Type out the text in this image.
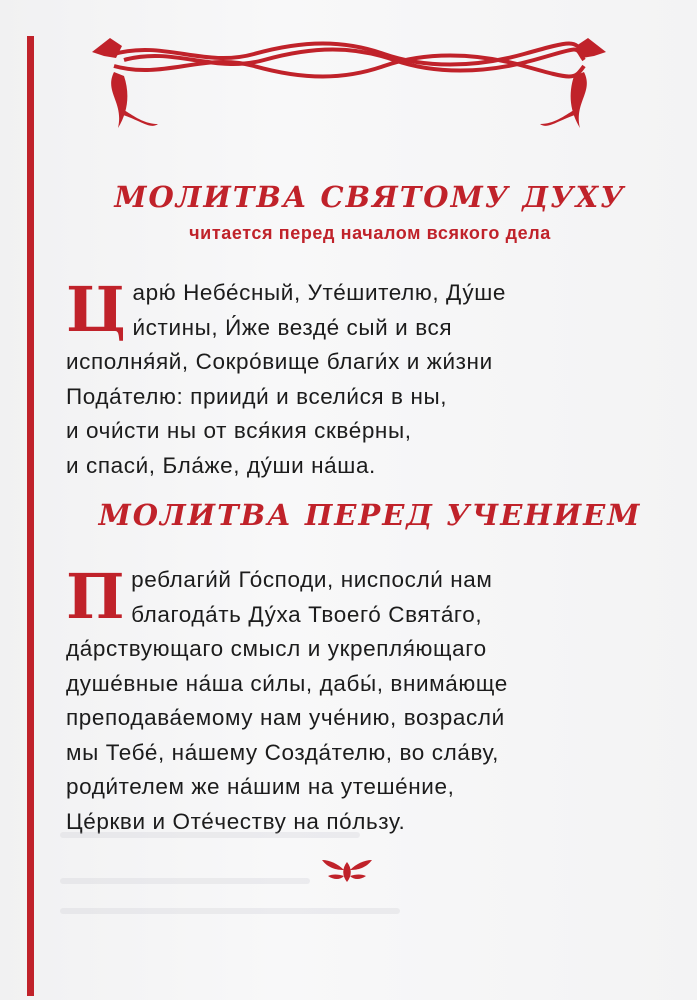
МОЛИТВА СВЯТОМУ ДУХУ
читается перед началом всякого дела
Ц арю́ Небе́сный, Уте́шителю, Ду́ше
и́стины, И́же везде́ сый и вся
исполня́яй, Сокро́вище благи́х и жи́зни
Пода́телю: прииди́ и всели́ся в ны,
и очи́сти ны от вся́кия скве́рны,
и спаси́, Бла́же, ду́ши на́ша.
МОЛИТВА ПЕРЕД УЧЕНИЕМ
П реблаги́й Го́споди, ниспосли́ нам
благода́ть Ду́ха Твоего́ Свята́го,
да́рствующаго смысл и укрепля́ющаго
душе́вные на́ша си́лы, дабы́, внима́юще
преподава́емому нам уче́нию, возрасли́
мы Тебе́, на́шему Созда́телю, во сла́ву,
роди́телем же на́шим на утеше́ние,
Це́ркви и Оте́честву на по́льзу.
